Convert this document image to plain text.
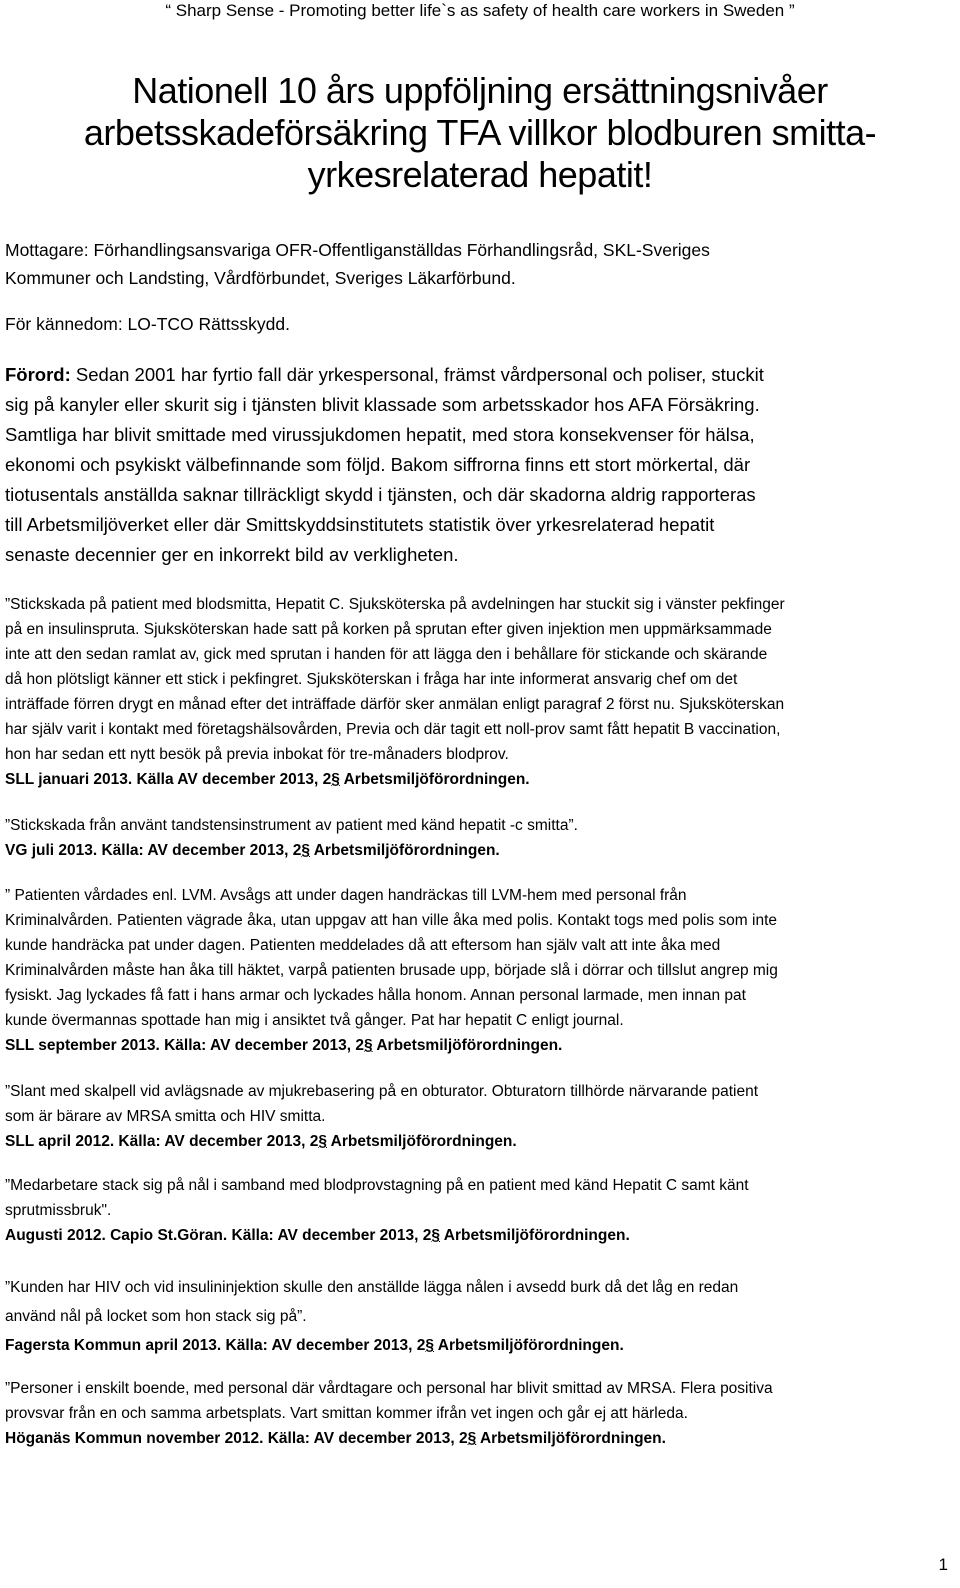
“ Sharp Sense - Promoting better life`s as safety of health care workers in Sweden ”
Nationell 10 års uppföljning ersättningsnivåer
arbetsskadeförsäkring TFA villkor blodburen smitta-
yrkesrelaterad hepatit!
Mottagare: Förhandlingsansvariga OFR-Offentliganställdas Förhandlingsråd, SKL-Sveriges
Kommuner och Landsting, Vårdförbundet, Sveriges Läkarförbund.
För kännedom: LO-TCO Rättsskydd.
Förord: Sedan 2001 har fyrtio fall där yrkespersonal, främst vårdpersonal och poliser, stuckit
sig på kanyler eller skurit sig i tjänsten blivit klassade som arbetsskador hos AFA Försäkring.
Samtliga har blivit smittade med virussjukdomen hepatit, med stora konsekvenser för hälsa,
ekonomi och psykiskt välbefinnande som följd. Bakom siffrorna finns ett stort mörkertal, där
tiotusentals anställda saknar tillräckligt skydd i tjänsten, och där skadorna aldrig rapporteras
till Arbetsmiljöverket eller där Smittskyddsinstitutets statistik över yrkesrelaterad hepatit
senaste decennier ger en inkorrekt bild av verkligheten.
”Stickskada på patient med blodsmitta, Hepatit C. Sjuksköterska på avdelningen har stuckit sig i vänster pekfinger
på en insulinspruta. Sjuksköterskan hade satt på korken på sprutan efter given injektion men uppmärksammade
inte att den sedan ramlat av, gick med sprutan i handen för att lägga den i behållare för stickande och skärande
då hon plötsligt känner ett stick i pekfingret. Sjuksköterskan i fråga har inte informerat ansvarig chef om det
inträffade förren drygt en månad efter det inträffade därför sker anmälan enligt paragraf 2 först nu. Sjuksköterskan
har själv varit i kontakt med företagshälsovården, Previa och där tagit ett noll-prov samt fått hepatit B vaccination,
hon har sedan ett nytt besök på previa inbokat för tre-månaders blodprov.
SLL januari 2013. Källa AV december 2013, 2§ Arbetsmiljöförordningen.
”Stickskada från använt tandstensinstrument av patient med känd hepatit -c smitta”.
VG juli 2013. Källa: AV december 2013, 2§ Arbetsmiljöförordningen.
” Patienten vårdades enl. LVM. Avsågs att under dagen handräckas till LVM-hem med personal från
Kriminalvården. Patienten vägrade åka, utan uppgav att han ville åka med polis. Kontakt togs med polis som inte
kunde handräcka pat under dagen. Patienten meddelades då att eftersom han själv valt att inte åka med
Kriminalvården måste han åka till häktet, varpå patienten brusade upp, började slå i dörrar och tillslut angrep mig
fysiskt. Jag lyckades få fatt i hans armar och lyckades hålla honom. Annan personal larmade, men innan pat
kunde övermannas spottade han mig i ansiktet två gånger. Pat har hepatit C enligt journal.
SLL september 2013. Källa: AV december 2013, 2§ Arbetsmiljöförordningen.
”Slant med skalpell vid avlägsnade av mjukrebasering på en obturator. Obturatorn tillhörde närvarande patient
som är bärare av MRSA smitta och HIV smitta.
SLL april 2012. Källa: AV december 2013, 2§ Arbetsmiljöförordningen.
”Medarbetare stack sig på nål i samband med blodprovstagning på en patient med känd Hepatit C samt känt
sprutmissbruk".
Augusti 2012. Capio St.Göran. Källa: AV december 2013, 2§ Arbetsmiljöförordningen.
”Kunden har HIV och vid insulininjektion skulle den anställde lägga nålen i avsedd burk då det låg en redan
använd nål på locket som hon stack sig på”.
Fagersta Kommun april 2013. Källa: AV december 2013, 2§ Arbetsmiljöförordningen.
”Personer i enskilt boende, med personal där vårdtagare och personal har blivit smittad av MRSA. Flera positiva
provsvar från en och samma arbetsplats. Vart smittan kommer ifrån vet ingen och går ej att härleda.
Höganäs Kommun november 2012. Källa: AV december 2013, 2§ Arbetsmiljöförordningen.
1
